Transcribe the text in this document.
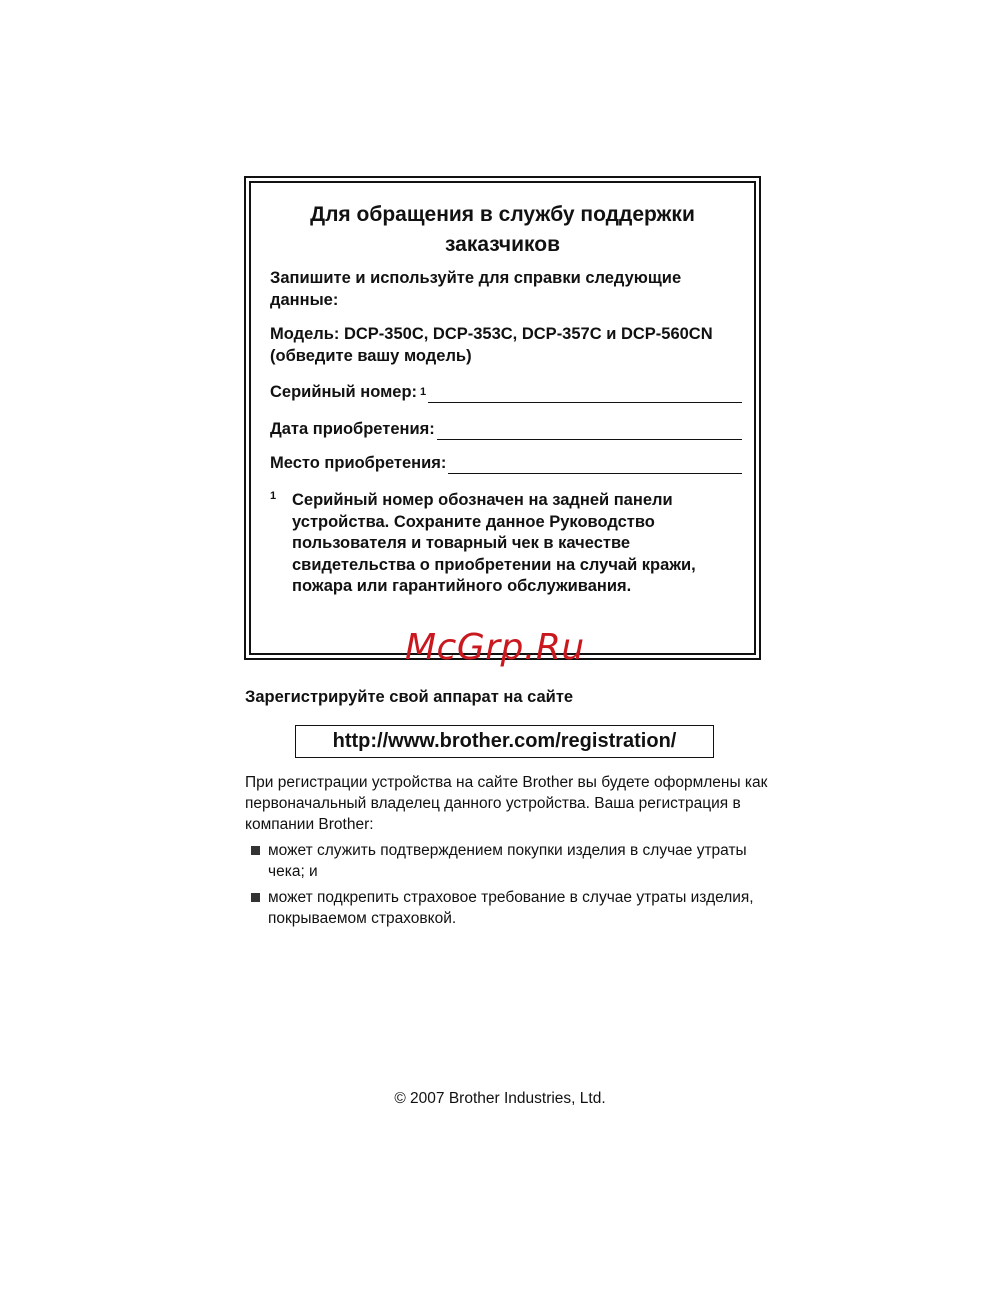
Для обращения в службу поддержки заказчиков
Запишите и используйте для справки следующие данные:
Модель: DCP-350C, DCP-353C, DCP-357C и DCP-560CN (обведите вашу модель)
Серийный номер: 1
Дата приобретения:
Место приобретения:
1 Серийный номер обозначен на задней панели устройства. Сохраните данное Руководство пользователя и товарный чек в качестве свидетельства о приобретении на случай кражи, пожара или гарантийного обслуживания.
McGrp.Ru
Зарегистрируйте свой аппарат на сайте
http://www.brother.com/registration/
При регистрации устройства на сайте Brother вы будете оформлены как первоначальный владелец данного устройства. Ваша регистрация в компании Brother:
может служить подтверждением покупки изделия в случае утраты чека; и
может подкрепить страховое требование в случае утраты изделия, покрываемом страховкой.
© 2007 Brother Industries, Ltd.
